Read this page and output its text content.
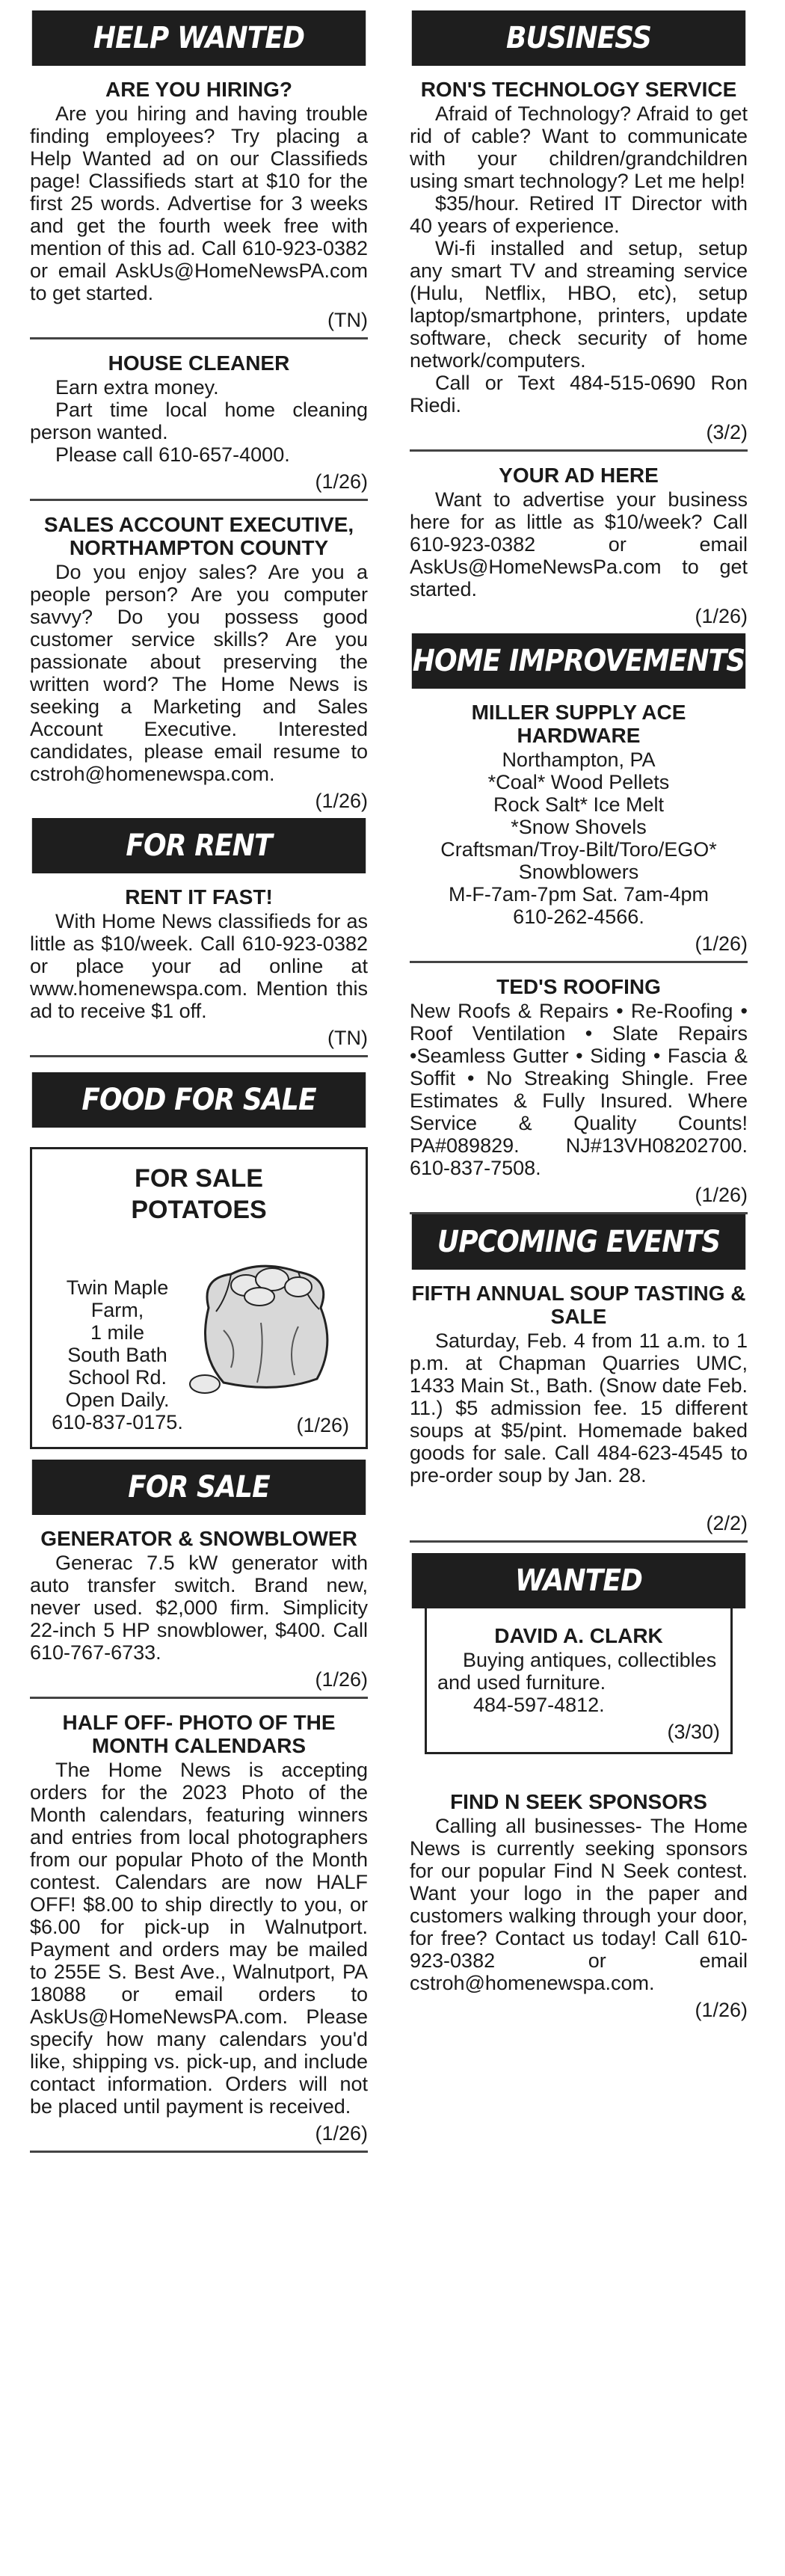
HELP WANTED
ARE YOU HIRING?

Are you hiring and having trouble finding employees? Try placing a Help Wanted ad on our Classifieds page! Classifieds start at $10 for the first 25 words. Advertise for 3 weeks and get the fourth week free with mention of this ad. Call 610-923-0382 or email AskUs@HomeNewsPA.com to get started.

(TN)
HOUSE CLEANER

Earn extra money.

Part time local home cleaning person wanted.

Please call 610-657-4000.

(1/26)
SALES ACCOUNT EXECUTIVE, NORTHAMPTON COUNTY

Do you enjoy sales? Are you a people person? Are you computer savvy? Do you possess good customer service skills? Are you passionate about preserving the written word? The Home News is seeking a Marketing and Sales Account Executive. Interested candidates, please email resume to cstroh@homenewspa.com.

(1/26)
FOR RENT
RENT IT FAST!

With Home News classifieds for as little as $10/week. Call 610-923-0382 or place your ad online at www.homenewspa.com. Mention this ad to receive $1 off.

(TN)
FOOD FOR SALE
FOR SALE
POTATOES
Twin Maple
Farm,
1 mile
South Bath
School Rd.
Open Daily.
610-837-0175.	(1/26)
FOR SALE
GENERATOR & SNOWBLOWER

Generac 7.5 kW generator with auto transfer switch. Brand new, never used. $2,000 firm. Simplicity 22-inch 5 HP snowblower, $400. Call 610-767-6733.

(1/26)
HALF OFF- PHOTO OF THE MONTH CALENDARS

The Home News is accepting orders for the 2023 Photo of the Month calendars, featuring winners and entries from local photographers from our popular Photo of the Month contest. Calendars are now HALF OFF! $8.00 to ship directly to you, or $6.00 for pick-up in Walnutport. Payment and orders may be mailed to 255E S. Best Ave., Walnutport, PA 18088 or email orders to AskUs@HomeNewsPA.com. Please specify how many calendars you'd like, shipping vs. pick-up, and include contact information. Orders will not be placed until payment is received.

(1/26)
BUSINESS
RON'S TECHNOLOGY SERVICE

Afraid of Technology? Afraid to get rid of cable? Want to communicate with your children/grandchildren using smart technology? Let me help!

$35/hour. Retired IT Director with 40 years of experience.

Wi-fi installed and setup, setup any smart TV and streaming service (Hulu, Netflix, HBO, etc), setup laptop/smartphone, printers, update software, check security of home network/computers.

Call or Text 484-515-0690 Ron Riedi.

(3/2)
YOUR AD HERE

Want to advertise your business here for as little as $10/week? Call 610-923-0382 or email AskUs@HomeNewsPa.com to get started.

(1/26)
HOME IMPROVEMENTS
MILLER SUPPLY ACE HARDWARE

Northampton, PA

*Coal* Wood Pellets

Rock Salt* Ice Melt

*Snow Shovels

Craftsman/Troy-Bilt/Toro/EGO*

Snowblowers

M-F-7am-7pm Sat. 7am-4pm

610-262-4566.

(1/26)
TED'S ROOFING

New Roofs & Repairs • Re-Roofing • Roof Ventilation • Slate Repairs •Seamless Gutter • Siding • Fascia & Soffit • No Streaking Shingle. Free Estimates & Fully Insured. Where Service & Quality Counts! PA#089829. NJ#13VH08202700. 610-837-7508.

(1/26)
UPCOMING EVENTS
FIFTH ANNUAL SOUP TASTING & SALE

Saturday, Feb. 4 from 11 a.m. to 1 p.m. at Chapman Quarries UMC, 1433 Main St., Bath. (Snow date Feb. 11.) $5 admission fee. 15 different soups at $5/pint. Homemade baked goods for sale. Call 484-623-4545 to pre-order soup by Jan. 28.

(2/2)
WANTED
DAVID A. CLARK

Buying antiques, collectibles and used furniture.

484-597-4812.

(3/30)
FIND N SEEK SPONSORS

Calling all businesses- The Home News is currently seeking sponsors for our popular Find N Seek contest. Want your logo in the paper and customers walking through your door, for free? Contact us today! Call 610-923-0382 or email cstroh@homenewspa.com.

(1/26)
